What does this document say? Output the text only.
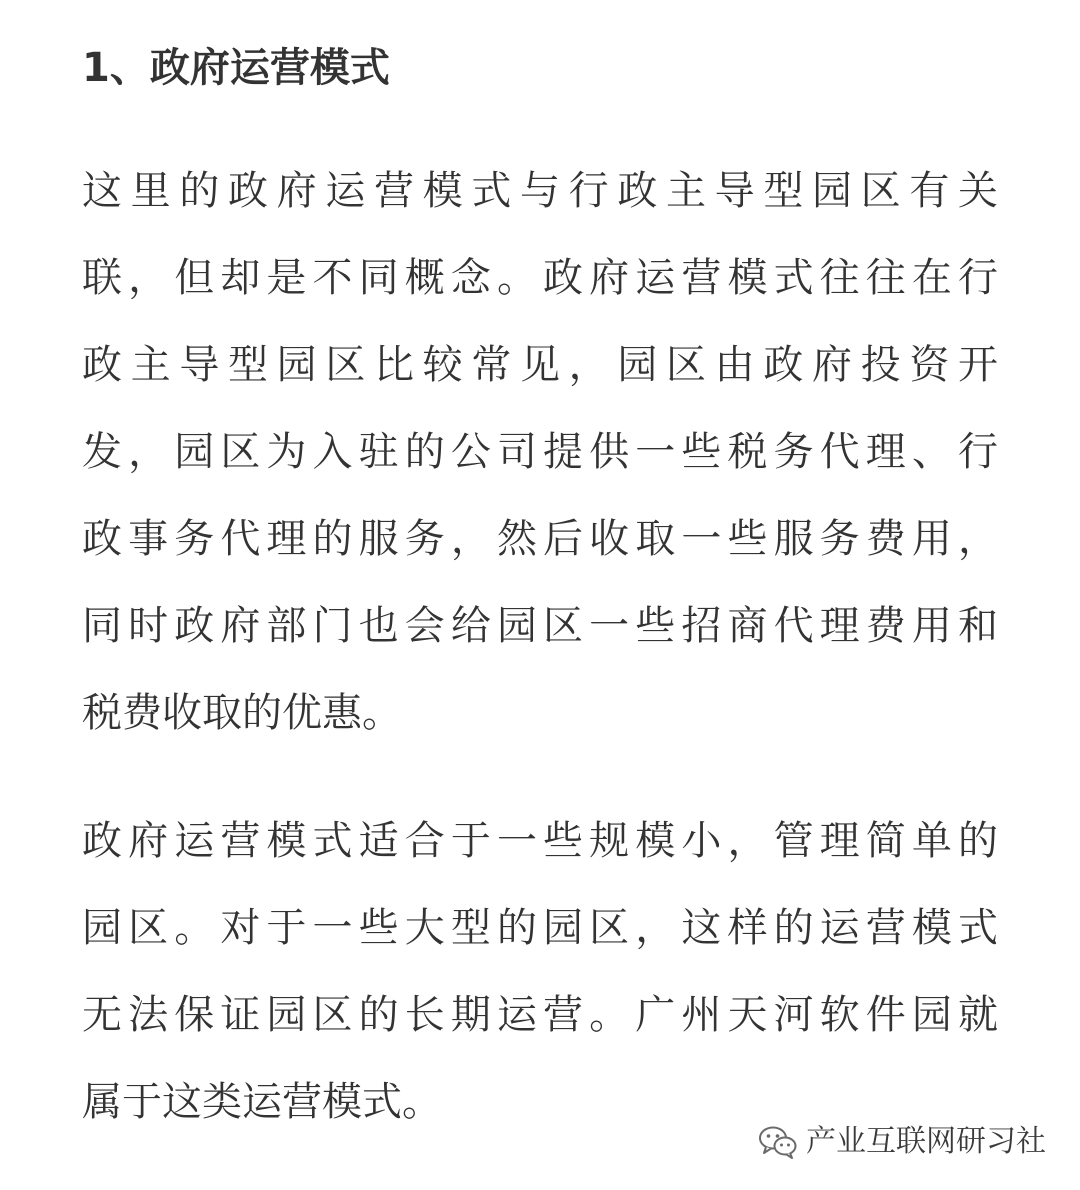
1、政府运营模式
这里的政府运营模式与行政主导型园区有关
联，但却是不同概念。政府运营模式往往在行
政主导型园区比较常见，园区由政府投资开
发，园区为入驻的公司提供一些税务代理、行
政事务代理的服务，然后收取一些服务费用，
同时政府部门也会给园区一些招商代理费用和
税费收取的优惠。
政府运营模式适合于一些规模小，管理简单的
园区。对于一些大型的园区，这样的运营模式
无法保证园区的长期运营。广州天河软件园就
属于这类运营模式。
产业互联网研习社
